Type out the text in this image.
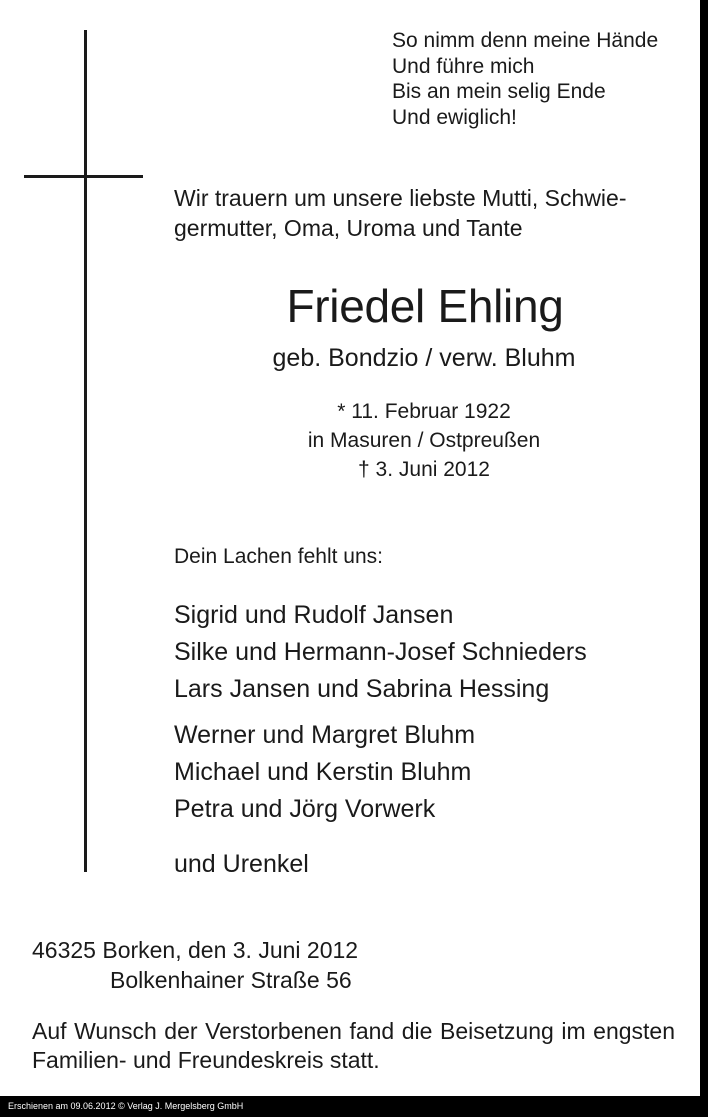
So nimm denn meine Hände
Und führe mich
Bis an mein selig Ende
Und ewiglich!
Wir trauern um unsere liebste Mutti, Schwie-
germutter, Oma, Uroma und Tante
Friedel Ehling
geb. Bondzio / verw. Bluhm
* 11. Februar 1922
in Masuren / Ostpreußen
† 3. Juni 2012
Dein Lachen fehlt uns:
Sigrid und Rudolf Jansen
Silke und Hermann-Josef Schnieders
Lars Jansen und Sabrina Hessing
Werner und Margret Bluhm
Michael und Kerstin Bluhm
Petra und Jörg Vorwerk
und Urenkel
46325 Borken, den 3. Juni 2012
Bolkenhainer Straße 56
Auf Wunsch der Verstorbenen fand die Beisetzung im engsten Familien- und Freundeskreis statt.
Erschienen am 09.06.2012 © Verlag J. Mergelsberg GmbH
